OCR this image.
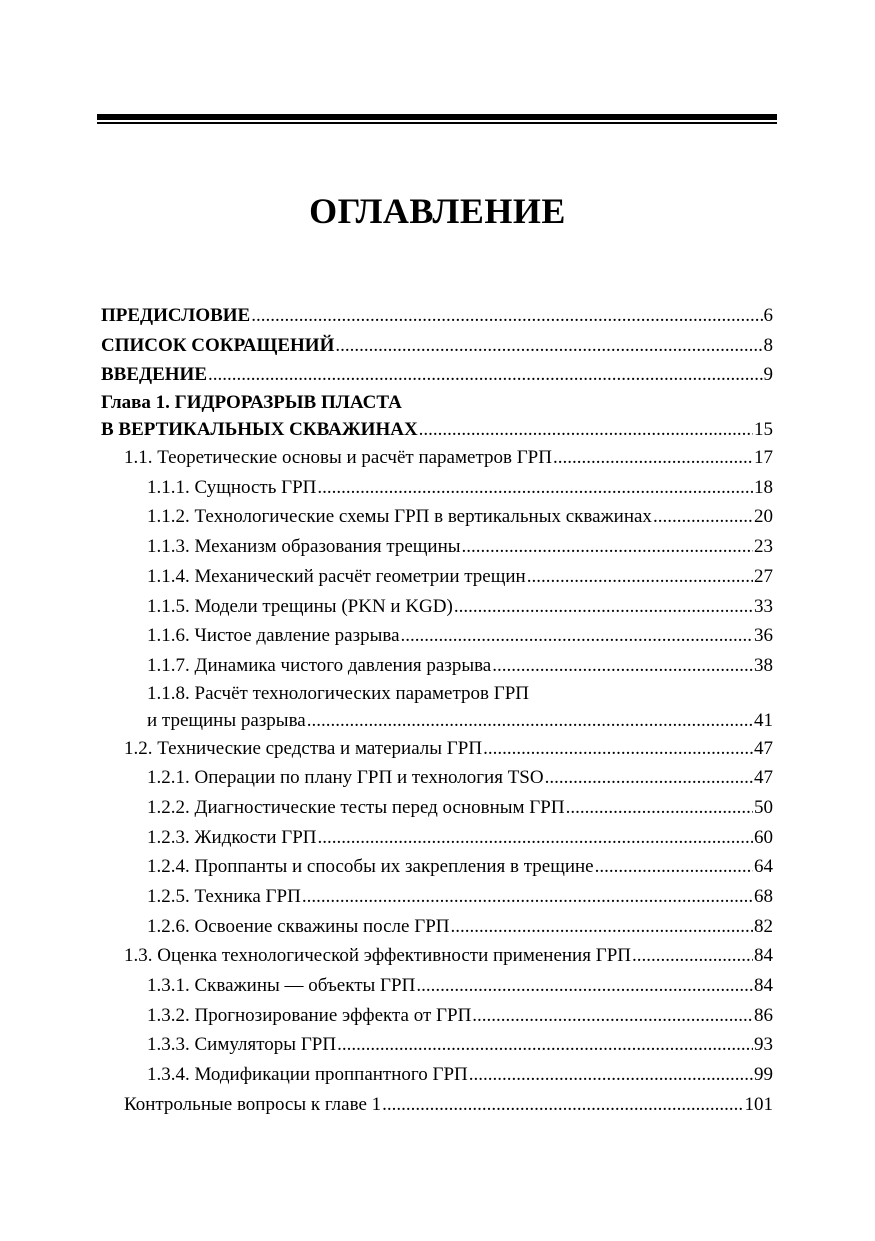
ОГЛАВЛЕНИЕ
ПРЕДИСЛОВИЕ .....	6
СПИСОК СОКРАЩЕНИЙ .....	8
ВВЕДЕНИЕ .....	9
Глава 1. ГИДРОРАЗРЫВ ПЛАСТА
В ВЕРТИКАЛЬНЫХ СКВАЖИНАХ .....	15
1.1. Теоретические основы и расчёт параметров ГРП .....	17
1.1.1. Сущность ГРП .....	18
1.1.2. Технологические схемы ГРП в вертикальных скважинах .....	20
1.1.3. Механизм образования трещины .....	23
1.1.4. Механический расчёт геометрии трещин .....	27
1.1.5. Модели трещины (PKN и KGD) .....	33
1.1.6. Чистое давление разрыва .....	36
1.1.7. Динамика чистого давления разрыва .....	38
1.1.8. Расчёт технологических параметров ГРП
и трещины разрыва .....	41
1.2. Технические средства и материалы ГРП .....	47
1.2.1. Операции по плану ГРП и технология TSO .....	47
1.2.2. Диагностические тесты перед основным ГРП .....	50
1.2.3. Жидкости ГРП .....	60
1.2.4. Проппанты и способы их закрепления в трещине .....	64
1.2.5. Техника ГРП .....	68
1.2.6. Освоение скважины после ГРП .....	82
1.3. Оценка технологической эффективности применения ГРП .....	84
1.3.1. Скважины — объекты ГРП .....	84
1.3.2. Прогнозирование эффекта от ГРП .....	86
1.3.3. Симуляторы ГРП .....	93
1.3.4. Модификации проппантного ГРП .....	99
Контрольные вопросы к главе 1 .....	101
